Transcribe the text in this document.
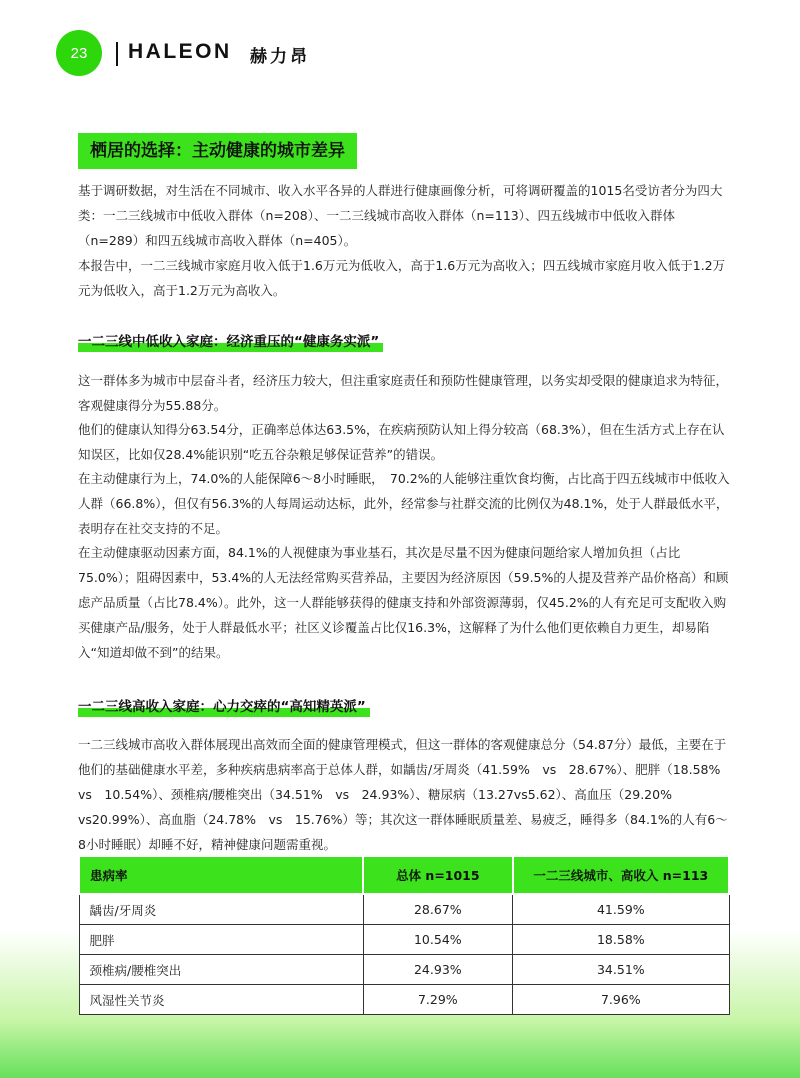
23	HALEON 赫力昂
栖居的选择：主动健康的城市差异
基于调研数据，对生活在不同城市、收入水平各异的人群进行健康画像分析，可将调研覆盖的1015名受访者分为四大类：一二三线城市中低收入群体（n=208）、一二三线城市高收入群体（n=113）、四五线城市中低收入群体（n=289）和四五线城市高收入群体（n=405）。
本报告中，一二三线城市家庭月收入低于1.6万元为低收入，高于1.6万元为高收入；四五线城市家庭月收入低于1.2万元为低收入，高于1.2万元为高收入。
一二三线中低收入家庭：经济重压的“健康务实派”
这一群体多为城市中层奋斗者，经济压力较大，但注重家庭责任和预防性健康管理，以务实却受限的健康追求为特征，客观健康得分为55.88分。
他们的健康认知得分63.54分，正确率总体达63.5%，在疾病预防认知上得分较高（68.3%），但在生活方式上存在认知误区，比如仅28.4%能识别“吃五谷杂粮足够保证营养”的错误。
在主动健康行为上，74.0%的人能保障6～8小时睡眠，　70.2%的人能够注重饮食均衡，占比高于四五线城市中低收入人群（66.8%），但仅有56.3%的人每周运动达标，此外，经常参与社群交流的比例仅为48.1%，处于人群最低水平，表明存在社交支持的不足。
在主动健康驱动因素方面，84.1%的人视健康为事业基石，其次是尽量不因为健康问题给家人增加负担（占比75.0%）；阻碍因素中，53.4%的人无法经常购买营养品，主要因为经济原因（59.5%的人提及营养产品价格高）和顾虑产品质量（占比78.4%）。此外，这一人群能够获得的健康支持和外部资源薄弱，仅45.2%的人有充足可支配收入购买健康产品/服务，处于人群最低水平；社区义诊覆盖占比仅16.3%，这解释了为什么他们更依赖自力更生，却易陷入“知道却做不到”的结果。
一二三线高收入家庭：心力交瘁的“高知精英派”
一二三线城市高收入群体展现出高效而全面的健康管理模式，但这一群体的客观健康总分（54.87分）最低，主要在于他们的基础健康水平差，多种疾病患病率高于总体人群，如龋齿/牙周炎（41.59%　vs　28.67%）、肥胖（18.58%　vs　10.54%）、颈椎病/腰椎突出（34.51%　vs　24.93%）、糖尿病（13.27vs5.62）、高血压（29.20%　vs20.99%）、高血脂（24.78%　vs　15.76%）等；其次这一群体睡眠质量差、易疲乏，睡得多（84.1%的人有6～8小时睡眠）却睡不好，精神健康问题需重视。
患病率	总体 n=1015	一二三线城市、高收入 n=113
龋齿/牙周炎	28.67%	41.59%
肥胖	10.54%	18.58%
颈椎病/腰椎突出	24.93%	34.51%
风湿性关节炎	7.29%	7.96%
